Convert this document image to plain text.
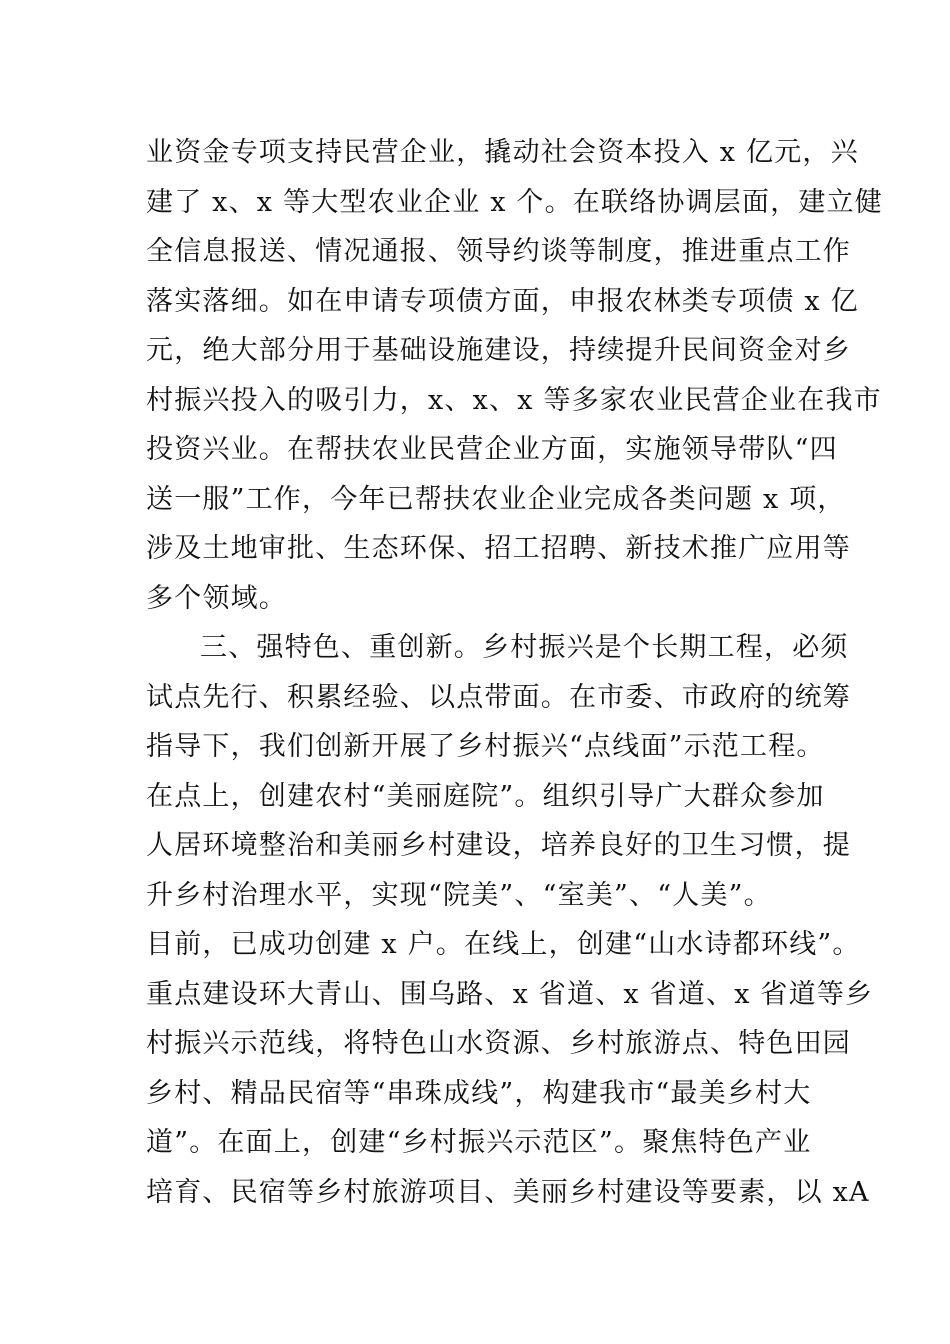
业资金专项支持民营企业，撬动社会资本投入 x 亿元，兴
建了 x、x 等大型农业企业 x 个。在联络协调层面，建立健
全信息报送、情况通报、领导约谈等制度，推进重点工作
落实落细。如在申请专项债方面，申报农林类专项债 x 亿
元，绝大部分用于基础设施建设，持续提升民间资金对乡
村振兴投入的吸引力，x、x、x 等多家农业民营企业在我市
投资兴业。在帮扶农业民营企业方面，实施领导带队“四
送一服”工作，今年已帮扶农业企业完成各类问题 x 项，
涉及土地审批、生态环保、招工招聘、新技术推广应用等
多个领域。
三、强特色、重创新。乡村振兴是个长期工程，必须
试点先行、积累经验、以点带面。在市委、市政府的统筹
指导下，我们创新开展了乡村振兴“点线面”示范工程。
在点上，创建农村“美丽庭院”。组织引导广大群众参加
人居环境整治和美丽乡村建设，培养良好的卫生习惯，提
升乡村治理水平，实现“院美”、“室美”、“人美”。
目前，已成功创建 x 户。在线上，创建“山水诗都环线”。
重点建设环大青山、围乌路、x 省道、x 省道、x 省道等乡
村振兴示范线，将特色山水资源、乡村旅游点、特色田园
乡村、精品民宿等“串珠成线”，构建我市“最美乡村大
道”。在面上，创建“乡村振兴示范区”。聚焦特色产业
培育、民宿等乡村旅游项目、美丽乡村建设等要素，以 xA
